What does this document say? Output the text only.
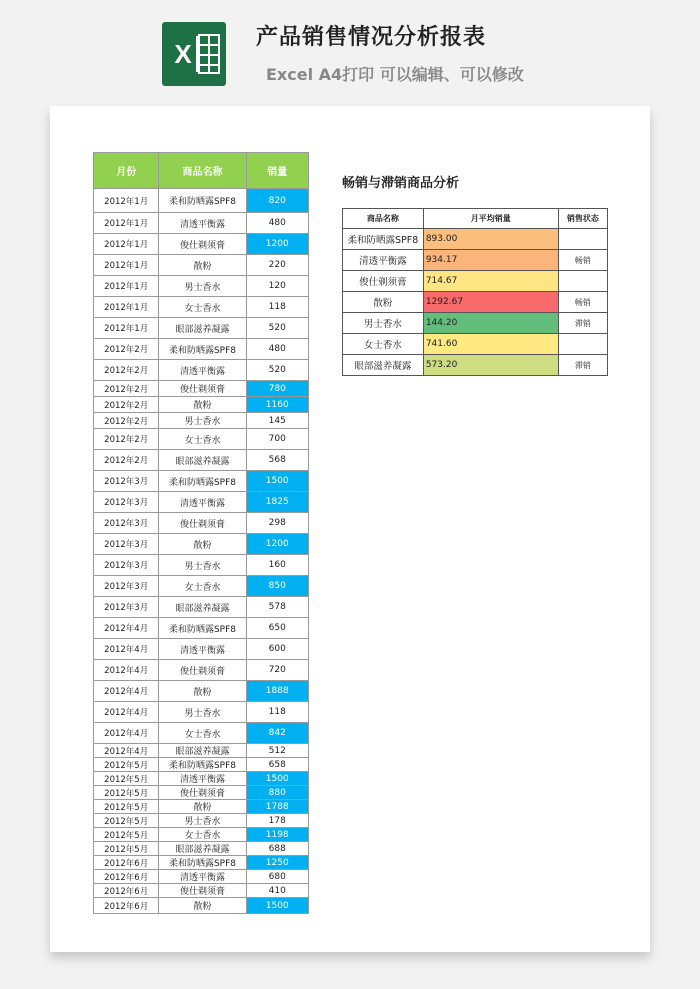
X
产品销售情况分析报表
Excel A4打印 可以编辑、可以修改
月份	商品名称	销量
2012年1月	柔和防晒露SPF8	820
2012年1月	清透平衡露	480
2012年1月	俊仕剃须膏	1200
2012年1月	散粉	220
2012年1月	男士香水	120
2012年1月	女士香水	118
2012年1月	眼部滋养凝露	520
2012年2月	柔和防晒露SPF8	480
2012年2月	清透平衡露	520
2012年2月	俊仕剃须膏	780
2012年2月	散粉	1160
2012年2月	男士香水	145
2012年2月	女士香水	700
2012年2月	眼部滋养凝露	568
2012年3月	柔和防晒露SPF8	1500
2012年3月	清透平衡露	1825
2012年3月	俊仕剃须膏	298
2012年3月	散粉	1200
2012年3月	男士香水	160
2012年3月	女士香水	850
2012年3月	眼部滋养凝露	578
2012年4月	柔和防晒露SPF8	650
2012年4月	清透平衡露	600
2012年4月	俊仕剃须膏	720
2012年4月	散粉	1888
2012年4月	男士香水	118
2012年4月	女士香水	842
2012年4月	眼部滋养凝露	512
2012年5月	柔和防晒露SPF8	658
2012年5月	清透平衡露	1500
2012年5月	俊仕剃须膏	880
2012年5月	散粉	1788
2012年5月	男士香水	178
2012年5月	女士香水	1198
2012年5月	眼部滋养凝露	688
2012年6月	柔和防晒露SPF8	1250
2012年6月	清透平衡露	680
2012年6月	俊仕剃须膏	410
2012年6月	散粉	1500
畅销与滞销商品分析
商品名称	月平均销量	销售状态
柔和防晒露SPF8	893.00	
清透平衡露	934.17	畅销
俊仕剃须膏	714.67	
散粉	1292.67	畅销
男士香水	144.20	滞销
女士香水	741.60	
眼部滋养凝露	573.20	滞销
